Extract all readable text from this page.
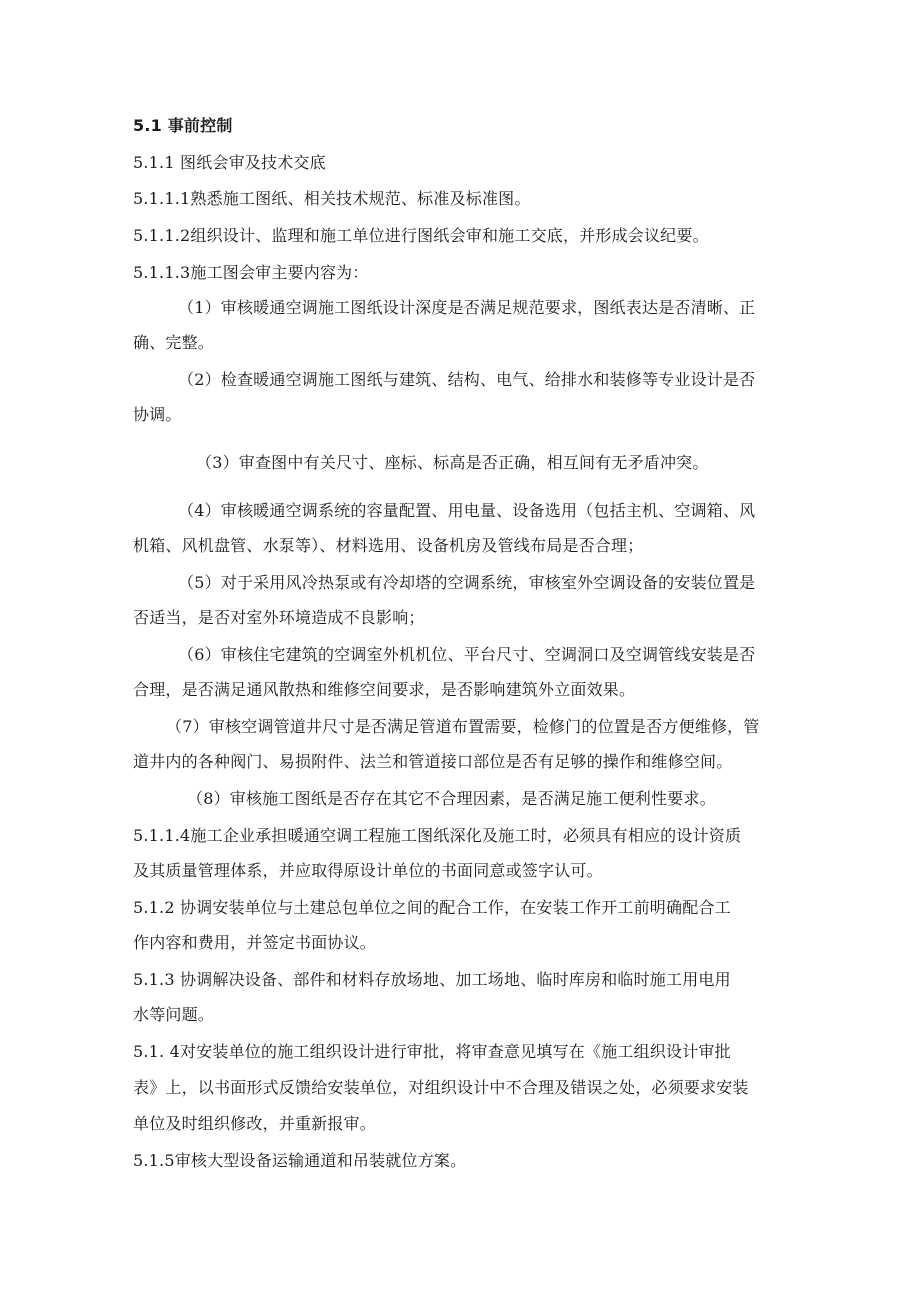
5.1 事前控制
5.1.1 图纸会审及技术交底
5.1.1.1熟悉施工图纸、相关技术规范、标准及标准图。
5.1.1.2组织设计、监理和施工单位进行图纸会审和施工交底，并形成会议纪要。
5.1.1.3施工图会审主要内容为：
（1）审核暖通空调施工图纸设计深度是否满足规范要求，图纸表达是否清晰、正
确、完整。
（2）检查暖通空调施工图纸与建筑、结构、电气、给排水和装修等专业设计是否
协调。
（3）审查图中有关尺寸、座标、标高是否正确，相互间有无矛盾冲突。
（4）审核暖通空调系统的容量配置、用电量、设备选用（包括主机、空调箱、风
机箱、风机盘管、水泵等）、材料选用、设备机房及管线布局是否合理；
（5）对于采用风冷热泵或有冷却塔的空调系统，审核室外空调设备的安装位置是
否适当，是否对室外环境造成不良影响；
（6）审核住宅建筑的空调室外机机位、平台尺寸、空调洞口及空调管线安装是否
合理，是否满足通风散热和维修空间要求，是否影响建筑外立面效果。
（7）审核空调管道井尺寸是否满足管道布置需要，检修门的位置是否方便维修，管
道井内的各种阀门、易损附件、法兰和管道接口部位是否有足够的操作和维修空间。
（8）审核施工图纸是否存在其它不合理因素，是否满足施工便利性要求。
5.1.1.4施工企业承担暖通空调工程施工图纸深化及施工时，必须具有相应的设计资质
及其质量管理体系，并应取得原设计单位的书面同意或签字认可。
5.1.2 协调安装单位与土建总包单位之间的配合工作，在安装工作开工前明确配合工
作内容和费用，并签定书面协议。
5.1.3 协调解决设备、部件和材料存放场地、加工场地、临时库房和临时施工用电用
水等问题。
5.1. 4对安装单位的施工组织设计进行审批，将审查意见填写在《施工组织设计审批
表》上，以书面形式反馈给安装单位，对组织设计中不合理及错误之处，必须要求安装
单位及时组织修改，并重新报审。
5.1.5审核大型设备运输通道和吊装就位方案。
